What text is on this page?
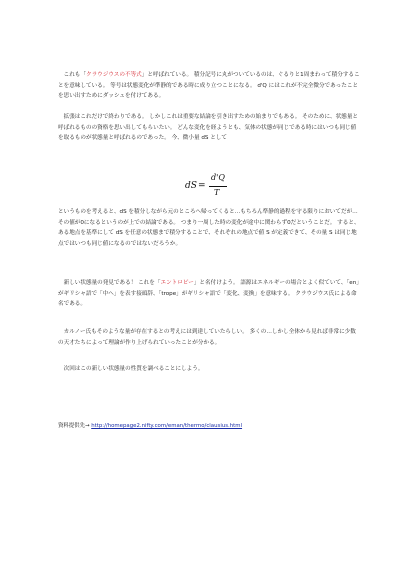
　これも「クラウジウスの不等式」と呼ばれている。 積分記号に丸がついているのは、ぐるりと1周まわって積分することを意味している。 等号は状態変化が準静的である時に成り立つことになる。 d'Q にはこれが不完全微分であったことを思い出すためにダッシュを付けてある。

　拡張はこれだけで終わりである。 しかしこれは重要な結論を引き出すための始まりでもある。 そのために、状態量と呼ばれるものの資格を思い出してもらいたい。 どんな変化を経ようとも、気体の状態が同じである時にはいつも同じ値を取るものが状態量と呼ばれるのであった。 今、微小量 dS として

dS =
d'Q
T

というものを考えると、dS を積分しながら元のところへ帰ってくると…もちろん準静的過程を守る限りにおいてだが…その値が0になるというのが上での結論である。 つまり一周した時の変化が途中に関わらず0だということだ。 すると、ある地点を基準にして dS を任意の状態まで積分することで、それぞれの地点で値 S が定義できて、その量 S は同じ地点ではいつも同じ値になるのではないだろうか。

　新しい状態量の発見である！ これを「エントロピー」と名付けよう。 語源はエネルギーの場合とよく似ていて、「en」がギリシャ語で「中へ」を表す接頭辞、「trope」がギリシャ語で「変化、変換」を意味する。 クラウジウス氏による命名である。

　カルノー氏もそのような量が存在するとの考えには到達していたらしい。 多くの…しかし全体から見れば非常に少数の天才たちによって理論が作り上げられていったことが分かる。

　次回はこの新しい状態量の性質を調べることにしよう。

資料提供先→ http://homepage2.nifty.com/eman/thermo/clausius.html
